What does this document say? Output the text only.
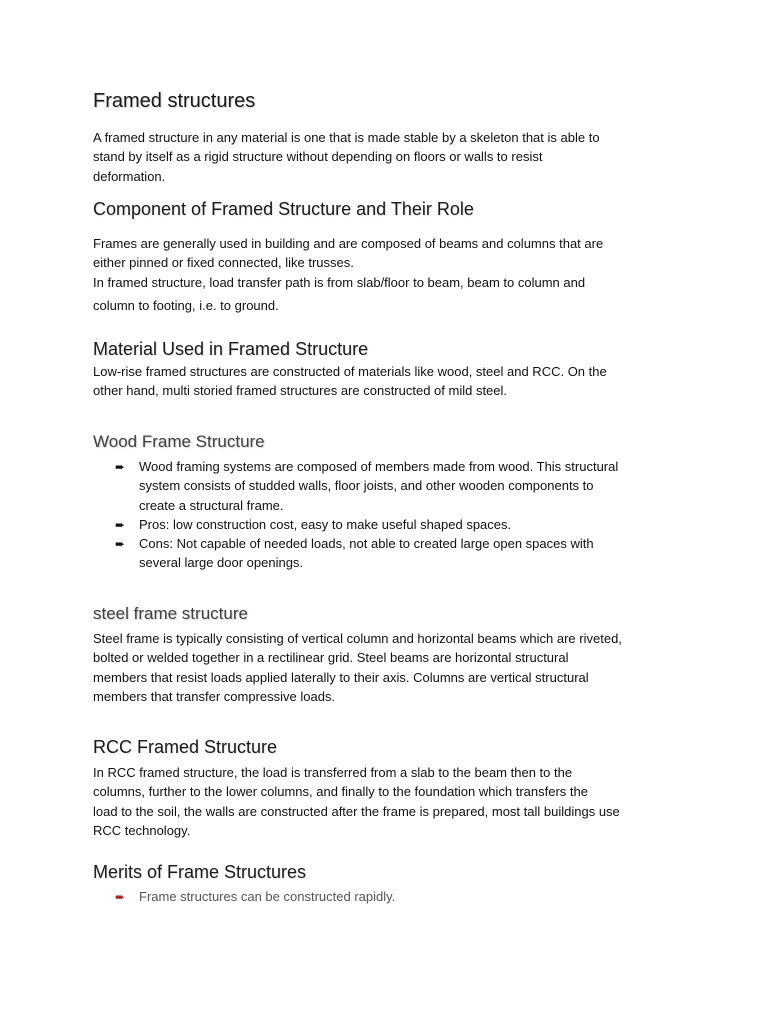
Framed structures

A framed structure in any material is one that is made stable by a skeleton that is able to
stand by itself as a rigid structure without depending on floors or walls to resist
deformation.

Component of Framed Structure and Their Role

Frames are generally used in building and are composed of beams and columns that are
either pinned or fixed connected, like trusses.
In framed structure, load transfer path is from slab/floor to beam, beam to column and
column to footing, i.e. to ground.

Material Used in Framed Structure

Low-rise framed structures are constructed of materials like wood, steel and RCC. On the
other hand, multi storied framed structures are constructed of mild steel.

Wood Frame Structure
➨ Wood framing systems are composed of members made from wood. This structural
system consists of studded walls, floor joists, and other wooden components to
create a structural frame.
➨ Pros: low construction cost, easy to make useful shaped spaces.
➨ Cons: Not capable of needed loads, not able to created large open spaces with
several large door openings.
steel frame structure

Steel frame is typically consisting of vertical column and horizontal beams which are riveted,
bolted or welded together in a rectilinear grid. Steel beams are horizontal structural
members that resist loads applied laterally to their axis. Columns are vertical structural
members that transfer compressive loads.

RCC Framed Structure

In RCC framed structure, the load is transferred from a slab to the beam then to the
columns, further to the lower columns, and finally to the foundation which transfers the
load to the soil, the walls are constructed after the frame is prepared, most tall buildings use
RCC technology.

Merits of Frame Structures
➨ Frame structures can be constructed rapidly.
